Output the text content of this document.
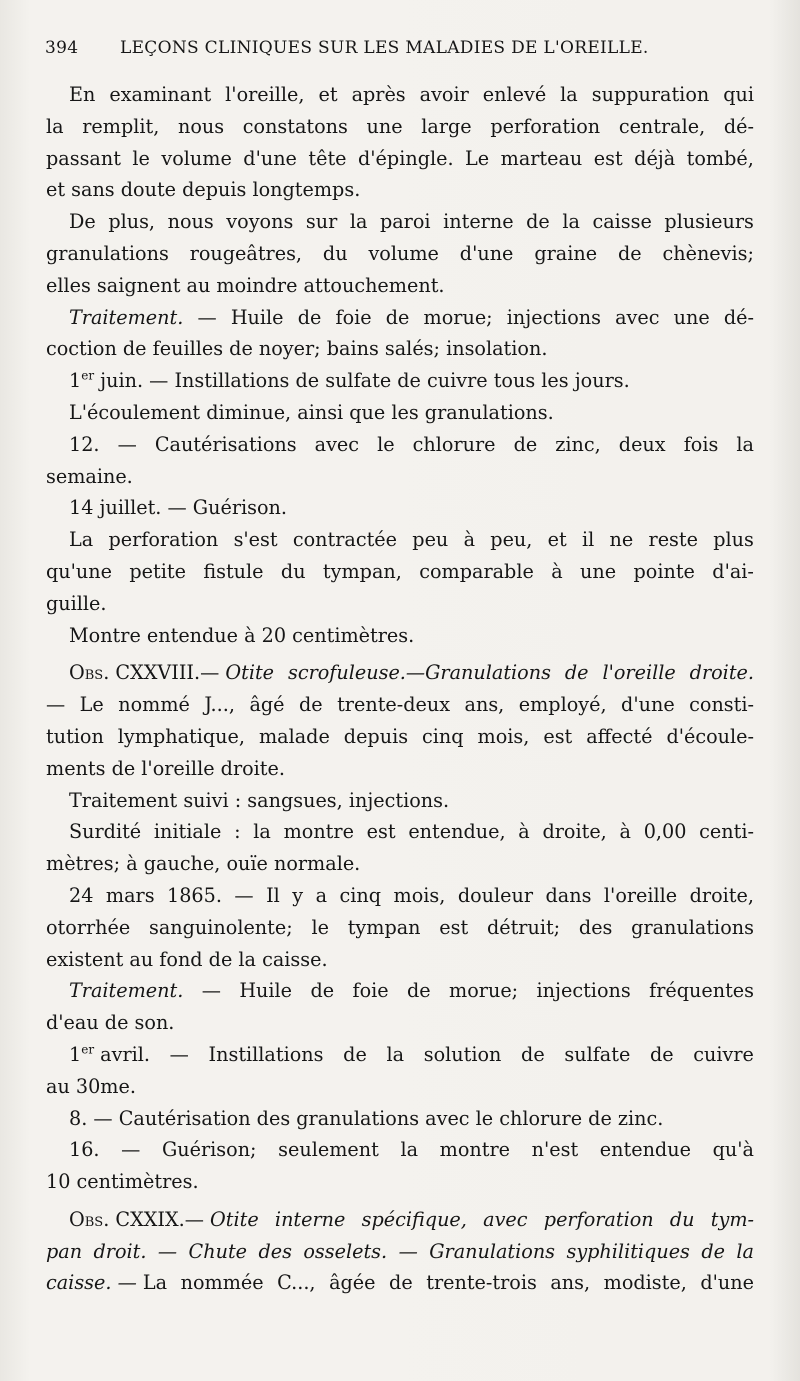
394 LEÇONS CLINIQUES SUR LES MALADIES DE L'OREILLE.
En examinant l'oreille, et après avoir enlevé la suppuration qui
la remplit, nous constatons une large perforation centrale, dé-
passant le volume d'une tête d'épingle. Le marteau est déjà tombé,
et sans doute depuis longtemps.
De plus, nous voyons sur la paroi interne de la caisse plusieurs
granulations rougeâtres, du volume d'une graine de chènevis;
elles saignent au moindre attouchement.
Traitement. — Huile de foie de morue; injections avec une dé-
coction de feuilles de noyer; bains salés; insolation.
1er juin. — Instillations de sulfate de cuivre tous les jours.
L'écoulement diminue, ainsi que les granulations.
12. — Cautérisations avec le chlorure de zinc, deux fois la
semaine.
14 juillet. — Guérison.
La perforation s'est contractée peu à peu, et il ne reste plus
qu'une petite fistule du tympan, comparable à une pointe d'ai-
guille.
Montre entendue à 20 centimètres.
Obs. CXXVIII. — Otite scrofuleuse.—Granulations de l'oreille droite.
— Le nommé J..., âgé de trente-deux ans, employé, d'une consti-
tution lymphatique, malade depuis cinq mois, est affecté d'écoule-
ments de l'oreille droite.
Traitement suivi : sangsues, injections.
Surdité initiale : la montre est entendue, à droite, à 0,00 centi-
mètres; à gauche, ouïe normale.
24 mars 1865. — Il y a cinq mois, douleur dans l'oreille droite,
otorrhée sanguinolente; le tympan est détruit; des granulations
existent au fond de la caisse.
Traitement. — Huile de foie de morue; injections fréquentes
d'eau de son.
1er avril. — Instillations de la solution de sulfate de cuivre
au 30me.
8. — Cautérisation des granulations avec le chlorure de zinc.
16. — Guérison; seulement la montre n'est entendue qu'à
10 centimètres.
Obs. CXXIX. — Otite interne spécifique, avec perforation du tym-
pan droit. — Chute des osselets. — Granulations syphilitiques de la
caisse. — La nommée C..., âgée de trente-trois ans, modiste, d'une
